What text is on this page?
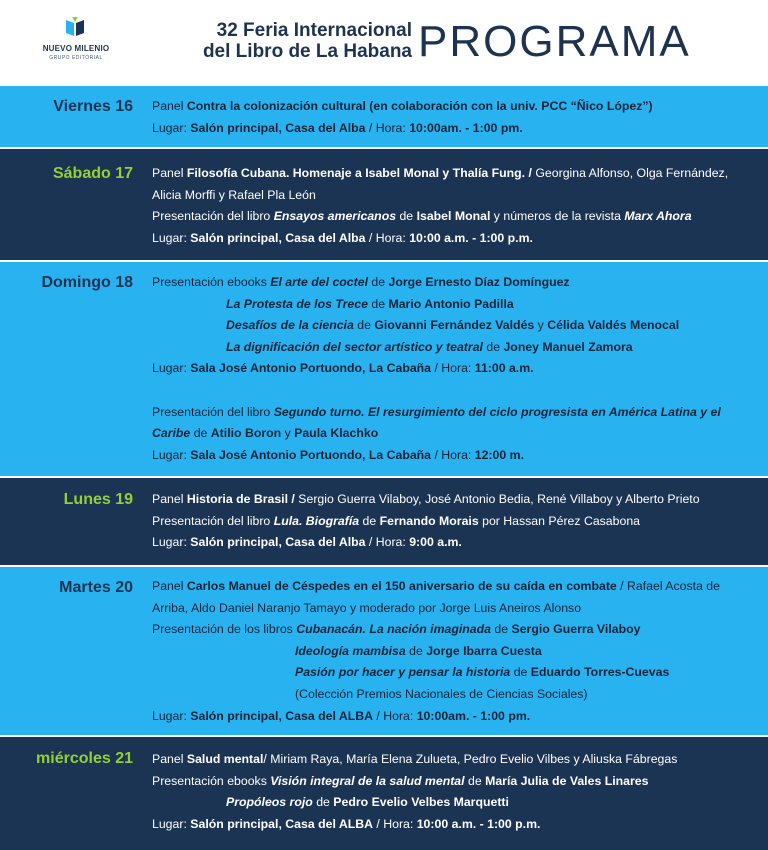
NUEVO MILENIO
GRUPO EDITORIAL
32 Feria Internacional
del Libro de La Habana PROGRAMA
Viernes 16 Panel Contra la colonización cultural (en colaboración con la univ. PCC “Ñico López”)
Lugar: Salón principal, Casa del Alba / Hora: 10:00am. - 1:00 pm.
Sábado 17 Panel Filosofía Cubana. Homenaje a Isabel Monal y Thalía Fung. / Georgina Alfonso, Olga Fernández, Alicia Morffi y Rafael Pla León
Presentación del libro Ensayos americanos de Isabel Monal y números de la revista Marx Ahora
Lugar: Salón principal, Casa del Alba / Hora: 10:00 a.m. - 1:00 p.m.
Domingo 18 Presentación ebooks El arte del coctel de Jorge Ernesto Díaz Domínguez
La Protesta de los Trece de Mario Antonio Padilla
Desafíos de la ciencia de Giovanni Fernández Valdés y Célida Valdés Menocal
La dignificación del sector artístico y teatral de Joney Manuel Zamora
Lugar: Sala José Antonio Portuondo, La Cabaña / Hora: 11:00 a.m.
Presentación del libro Segundo turno. El resurgimiento del ciclo progresista en América Latina y el Caribe de Atilio Boron y Paula Klachko
Lugar: Sala José Antonio Portuondo, La Cabaña / Hora: 12:00 m.
Lunes 19 Panel Historia de Brasil / Sergio Guerra Vilaboy, José Antonio Bedia, René Villaboy y Alberto Prieto
Presentación del libro Lula. Biografía de Fernando Morais por Hassan Pérez Casabona
Lugar: Salón principal, Casa del Alba / Hora: 9:00 a.m.
Martes 20 Panel Carlos Manuel de Céspedes en el 150 aniversario de su caída en combate / Rafael Acosta de Arriba, Aldo Daniel Naranjo Tamayo y moderado por Jorge Luis Aneiros Alonso
Presentación de los libros Cubanacán. La nación imaginada de Sergio Guerra Vilaboy
Ideología mambisa de Jorge Ibarra Cuesta
Pasión por hacer y pensar la historia de Eduardo Torres-Cuevas
(Colección Premios Nacionales de Ciencias Sociales)
Lugar: Salón principal, Casa del ALBA / Hora: 10:00am. - 1:00 pm.
miércoles 21 Panel Salud mental/ Miriam Raya, María Elena Zulueta, Pedro Evelio Vilbes y Aliuska Fábregas
Presentación ebooks Visión integral de la salud mental de María Julia de Vales Linares
Propóleos rojo de Pedro Evelio Velbes Marquetti
Lugar: Salón principal, Casa del ALBA / Hora: 10:00 a.m. - 1:00 p.m.
